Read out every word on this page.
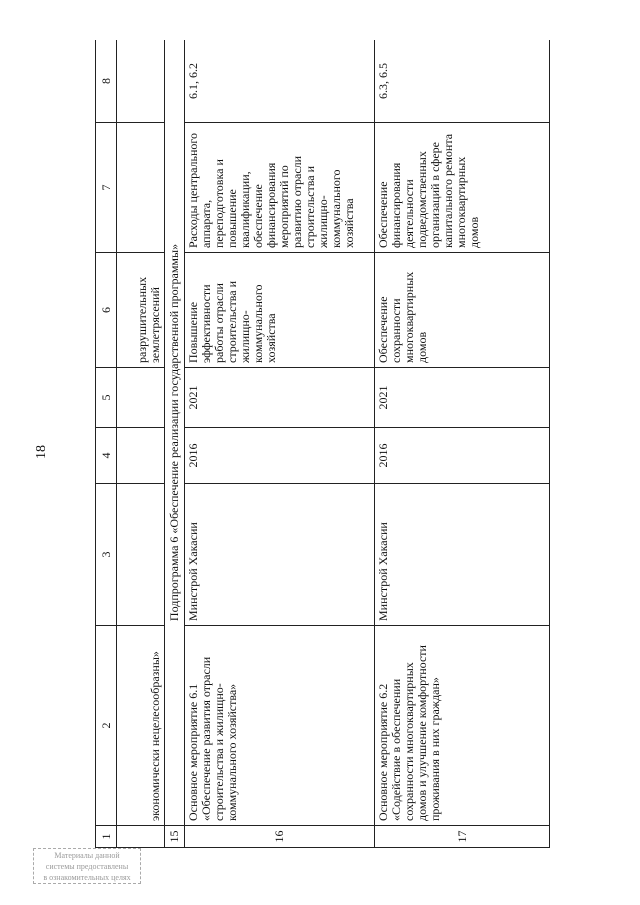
18
Материалы данной
системы предоставлены
в ознакомительных целях
1	2	3	4	5	6	7	8
	экономически нецелесообразны»				разрушительных землетрясений		
15	Подпрограмма 6 «Обеспечение реализации государственной программы»						
16	Основное мероприятие 6.1 «Обеспечение развития отрасли строительства и жилищно-коммунального хозяйства»	Минстрой Хакасии	2016	2021	Повышение эффективности работы отрасли строительства и жилищно-коммунального хозяйства	Расходы центрального аппарата, переподготовка и повышение квалификации, обеспечение финансирования мероприятий по развитию отрасли строительства и жилищно-коммунального хозяйства	6.1, 6.2
17	Основное мероприятие 6.2 «Содействие в обеспечении сохранности многоквартирных домов и улучшение комфортности проживания в них граждан»	Минстрой Хакасии	2016	2021	Обеспечение сохранности многоквартирных домов	Обеспечение финансирования деятельности подведомственных организаций в сфере капитального ремонта многоквартирных домов	6.3, 6.5
